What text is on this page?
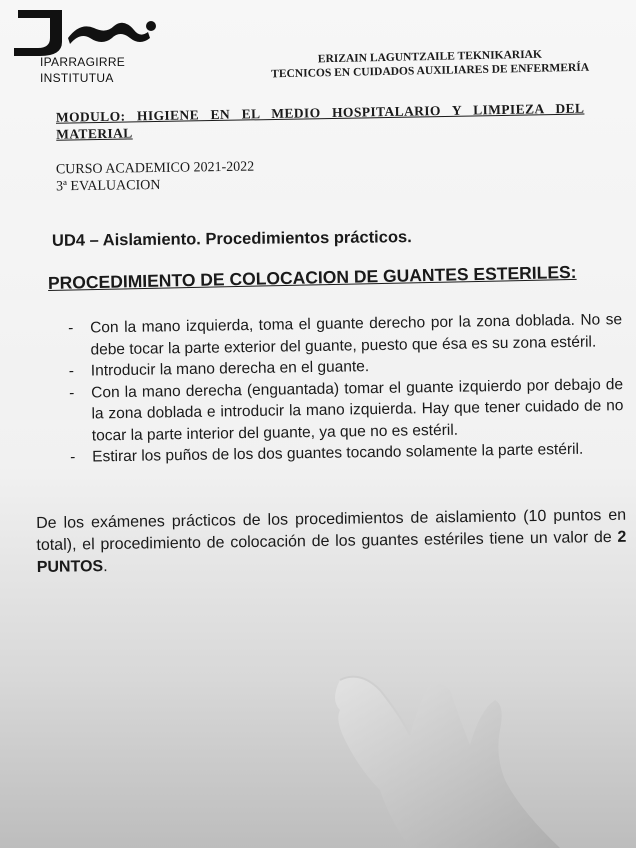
IPARRAGIRRE
INSTITUTUA
ERIZAIN LAGUNTZAILE TEKNIKARIAK
TECNICOS EN CUIDADOS AUXILIARES DE ENFERMERÍA
MODULO:  HIGIENE  EN  EL  MEDIO  HOSPITALARIO  Y  LIMPIEZA  DEL
MATERIAL
CURSO ACADEMICO 2021-2022
3ª EVALUACION
UD4 – Aislamiento. Procedimientos prácticos.
PROCEDIMIENTO DE COLOCACION DE GUANTES ESTERILES:
- Con la mano izquierda, toma el guante derecho por la zona doblada. No se debe tocar la parte exterior del guante, puesto que ésa es su zona estéril.
- Introducir la mano derecha en el guante.
- Con la mano derecha (enguantada) tomar el guante izquierdo por debajo de la zona doblada e introducir la mano izquierda. Hay que tener cuidado de no tocar la parte interior del guante, ya que no es estéril.
- Estirar los puños de los dos guantes tocando solamente la parte estéril.
De los exámenes prácticos de los procedimientos de aislamiento (10 puntos en total), el procedimiento de colocación de los guantes estériles tiene un valor de 2 PUNTOS.
